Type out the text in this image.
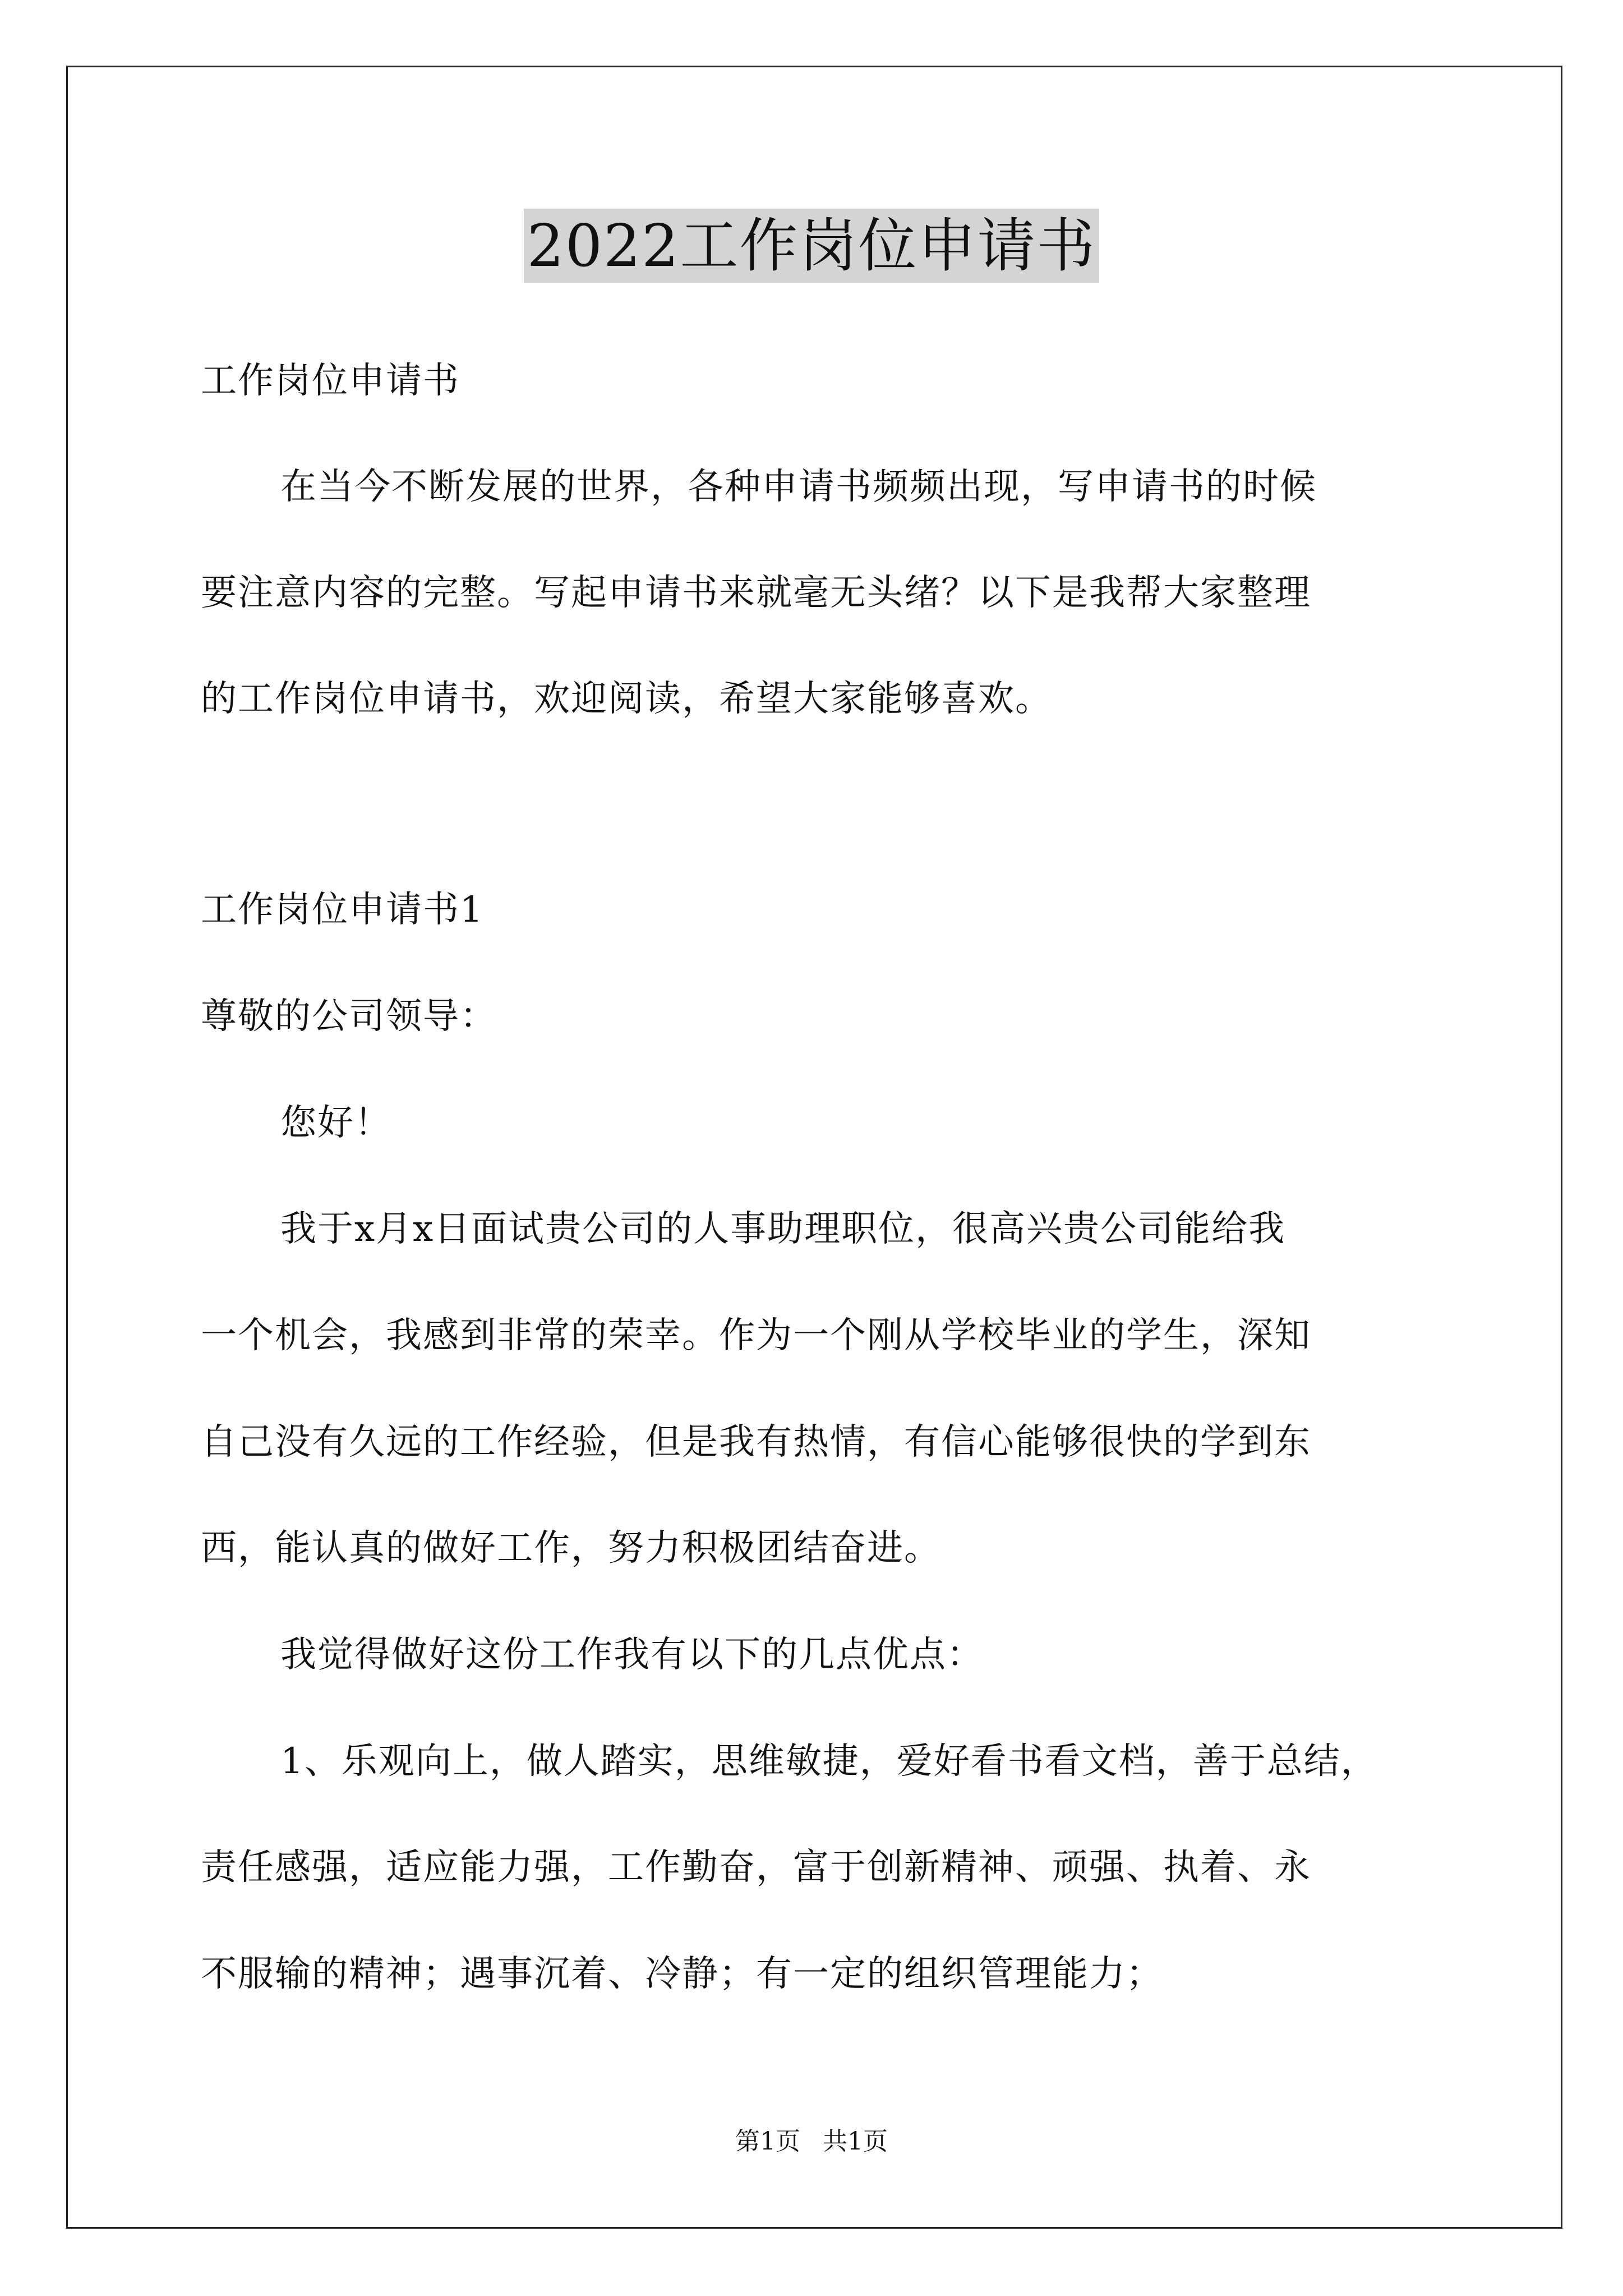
2022工作岗位申请书
工作岗位申请书
在当今不断发展的世界，各种申请书频频出现，写申请书的时候
要注意内容的完整。写起申请书来就毫无头绪？以下是我帮大家整理
的工作岗位申请书，欢迎阅读，希望大家能够喜欢。
工作岗位申请书1
尊敬的公司领导：
您好！
我于x月x日面试贵公司的人事助理职位，很高兴贵公司能给我
一个机会，我感到非常的荣幸。作为一个刚从学校毕业的学生，深知
自己没有久远的工作经验，但是我有热情，有信心能够很快的学到东
西，能认真的做好工作，努力积极团结奋进。
我觉得做好这份工作我有以下的几点优点：
1、乐观向上，做人踏实，思维敏捷，爱好看书看文档，善于总结，
责任感强，适应能力强，工作勤奋，富于创新精神、顽强、执着、永
不服输的精神；遇事沉着、冷静；有一定的组织管理能力；
第1页 共1页
